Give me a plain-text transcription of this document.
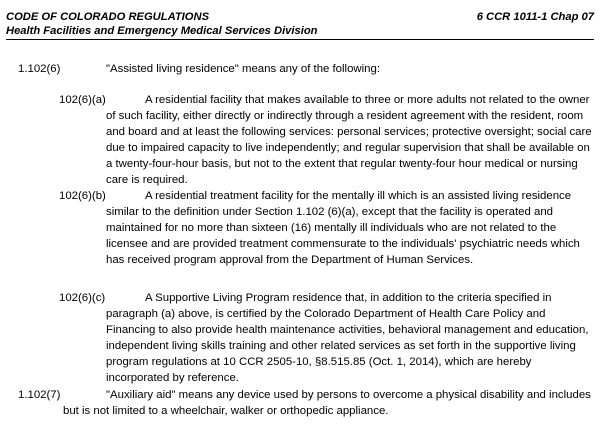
CODE OF COLORADO REGULATIONS
Health Facilities and Emergency Medical Services Division
6 CCR 1011-1 Chap 07
1.102(6)	"Assisted living residence" means any of the following:
102(6)(a)	A residential facility that makes available to three or more adults not related to the owner of such facility, either directly or indirectly through a resident agreement with the resident, room and board and at least the following services: personal services; protective oversight; social care due to impaired capacity to live independently; and regular supervision that shall be available on a twenty-four-hour basis, but not to the extent that regular twenty-four hour medical or nursing care is required.
102(6)(b)	A residential treatment facility for the mentally ill which is an assisted living residence similar to the definition under Section 1.102 (6)(a), except that the facility is operated and maintained for no more than sixteen (16) mentally ill individuals who are not related to the licensee and are provided treatment commensurate to the individuals' psychiatric needs which has received program approval from the Department of Human Services.
102(6)(c)	A Supportive Living Program residence that, in addition to the criteria specified in paragraph (a) above, is certified by the Colorado Department of Health Care Policy and Financing to also provide health maintenance activities, behavioral management and education, independent living skills training and other related services as set forth in the supportive living program regulations at 10 CCR 2505-10, §8.515.85 (Oct. 1, 2014), which are hereby incorporated by reference.
1.102(7)	"Auxiliary aid" means any device used by persons to overcome a physical disability and includes but is not limited to a wheelchair, walker or orthopedic appliance.
